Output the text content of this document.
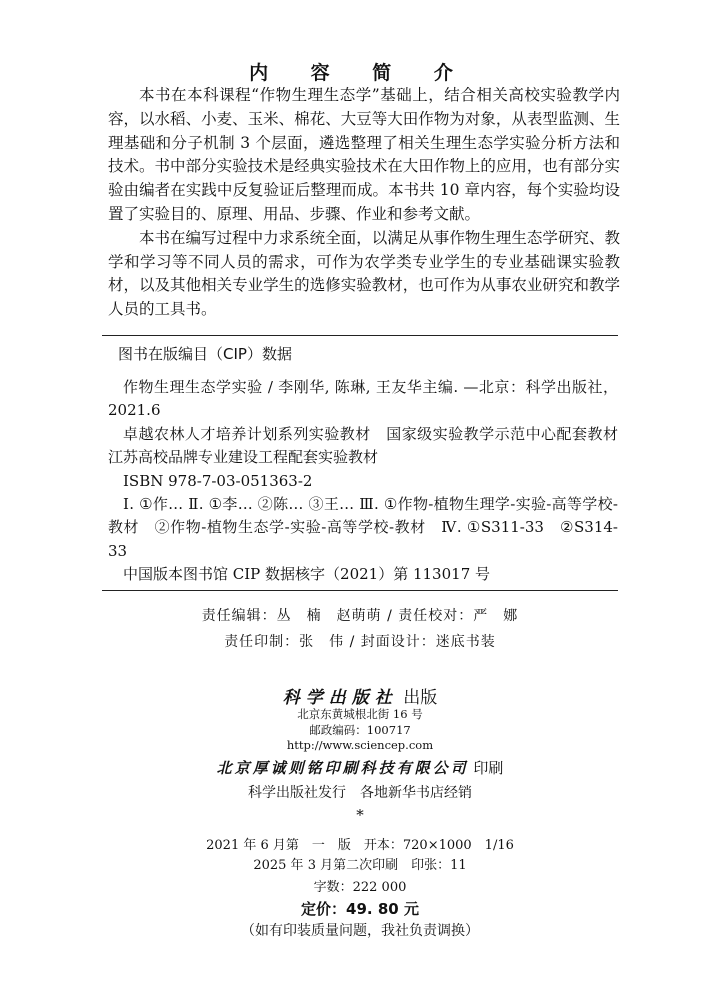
内 容 简 介

本书在本科课程“作物生理生态学”基础上，结合相关高校实验教学内容，以水稻、小麦、玉米、棉花、大豆等大田作物为对象，从表型监测、生理基础和分子机制 3 个层面，遴选整理了相关生理生态学实验分析方法和技术。书中部分实验技术是经典实验技术在大田作物上的应用，也有部分实验由编者在实践中反复验证后整理而成。本书共 10 章内容，每个实验均设置了实验目的、原理、用品、步骤、作业和参考文献。

本书在编写过程中力求系统全面，以满足从事作物生理生态学研究、教学和学习等不同人员的需求，可作为农学类专业学生的专业基础课实验教材，以及其他相关专业学生的选修实验教材，也可作为从事农业研究和教学人员的工具书。

图书在版编目（CIP）数据

作物生理生态学实验 / 李刚华, 陈琳, 王友华主编. —北京：科学出版社，2021.6

卓越农林人才培养计划系列实验教材　国家级实验教学示范中心配套教材　江苏高校品牌专业建设工程配套实验教材

ISBN 978-7-03-051363-2

Ⅰ. ①作… Ⅱ. ①李… ②陈… ③王… Ⅲ. ①作物-植物生理学-实验-高等学校-教材　②作物-植物生态学-实验-高等学校-教材　Ⅳ. ①S311-33　②S314-33

中国版本图书馆 CIP 数据核字（2021）第 113017 号

责任编辑：丛　楠　赵萌萌 / 责任校对：严　娜
责任印制：张　伟 / 封面设计：迷底书装
科学出版社 出版
北京东黄城根北街 16 号
邮政编码：100717
http://www.sciencep.com
北京厚诚则铭印刷科技有限公司 印刷
科学出版社发行　各地新华书店经销
*
2021 年 6 月第　一　版　开本：720×1000　1/16
2025 年 3 月第二次印刷　印张：11
字数：222 000
定价：49. 80 元
（如有印装质量问题，我社负责调换）
